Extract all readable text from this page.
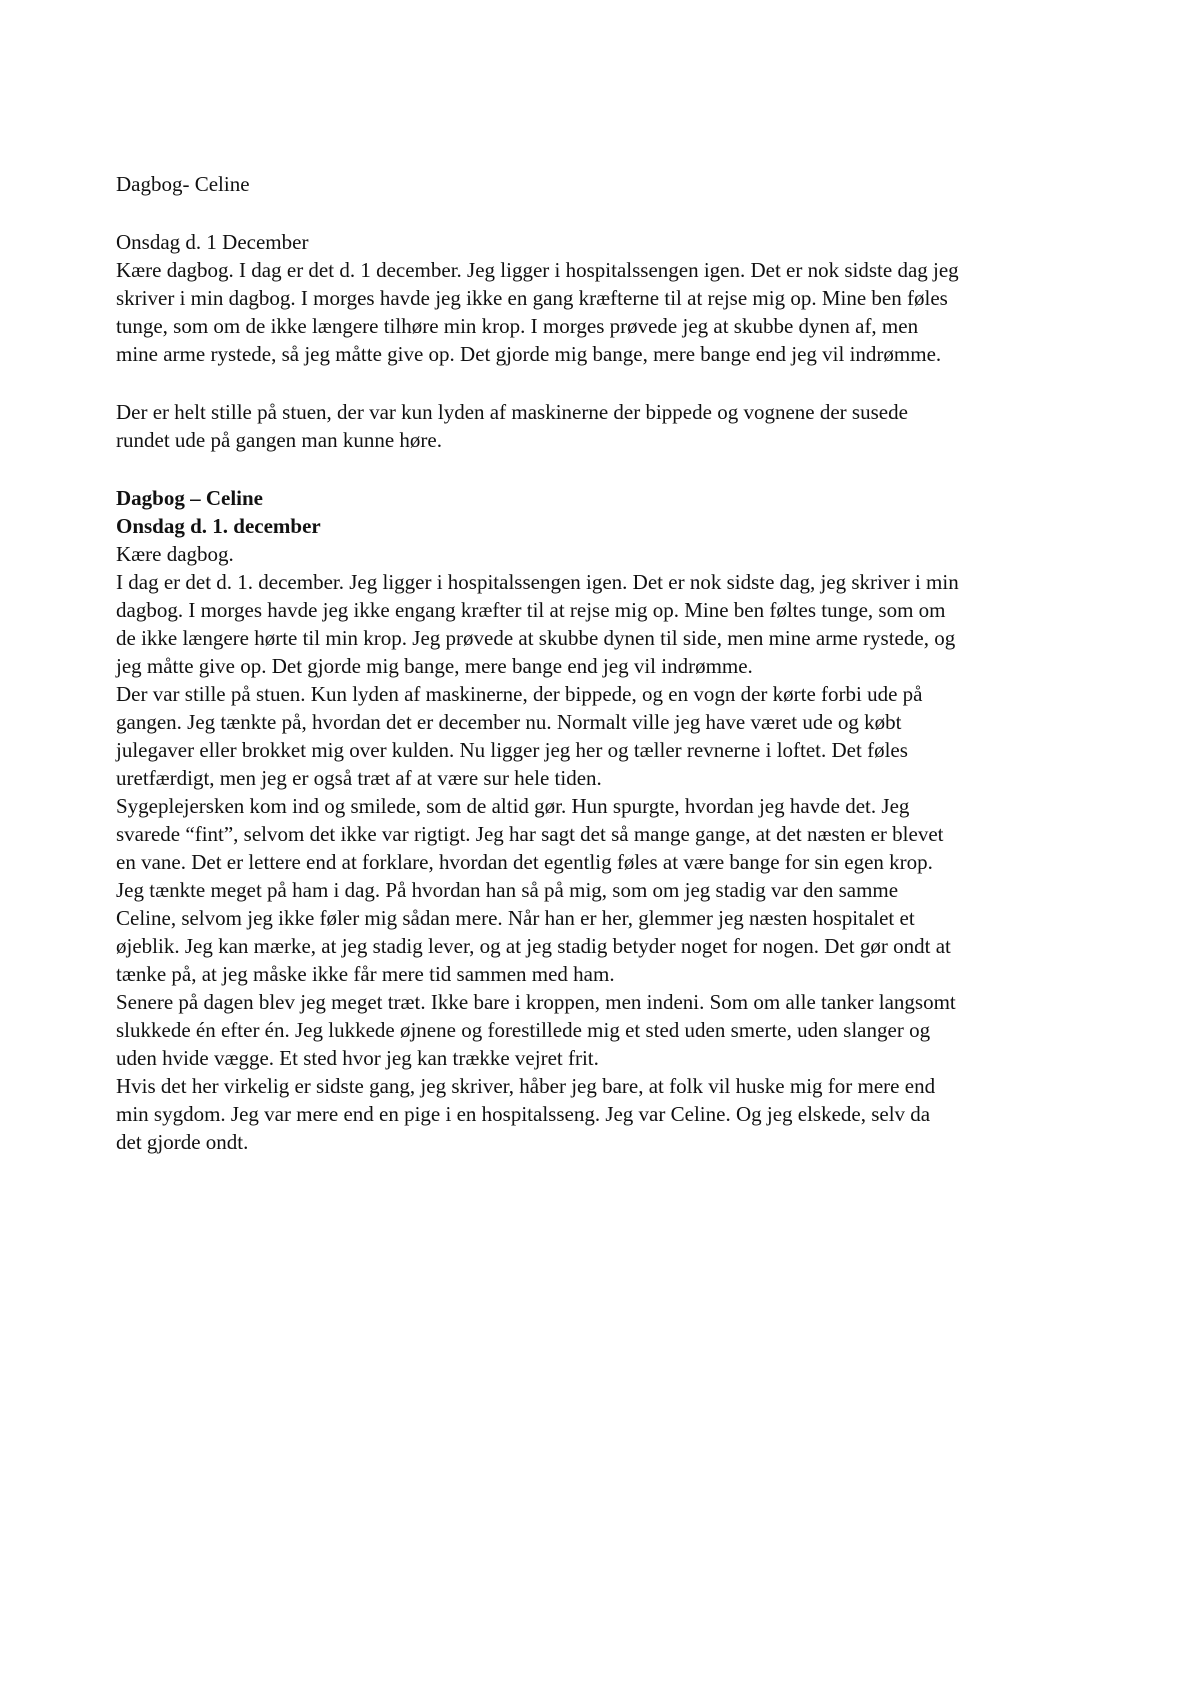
Dagbog- Celine
Onsdag d. 1 December
Kære dagbog. I dag er det d. 1 december. Jeg ligger i hospitalssengen igen. Det er nok sidste dag jeg
skriver i min dagbog. I morges havde jeg ikke en gang kræfterne til at rejse mig op. Mine ben føles
tunge, som om de ikke længere tilhøre min krop. I morges prøvede jeg at skubbe dynen af, men
mine arme rystede, så jeg måtte give op. Det gjorde mig bange, mere bange end jeg vil indrømme.
Der er helt stille på stuen, der var kun lyden af maskinerne der bippede og vognene der susede
rundet ude på gangen man kunne høre.
Dagbog – Celine
Onsdag d. 1. december
Kære dagbog.
I dag er det d. 1. december. Jeg ligger i hospitalssengen igen. Det er nok sidste dag, jeg skriver i min
dagbog. I morges havde jeg ikke engang kræfter til at rejse mig op. Mine ben føltes tunge, som om
de ikke længere hørte til min krop. Jeg prøvede at skubbe dynen til side, men mine arme rystede, og
jeg måtte give op. Det gjorde mig bange, mere bange end jeg vil indrømme.
Der var stille på stuen. Kun lyden af maskinerne, der bippede, og en vogn der kørte forbi ude på
gangen. Jeg tænkte på, hvordan det er december nu. Normalt ville jeg have været ude og købt
julegaver eller brokket mig over kulden. Nu ligger jeg her og tæller revnerne i loftet. Det føles
uretfærdigt, men jeg er også træt af at være sur hele tiden.
Sygeplejersken kom ind og smilede, som de altid gør. Hun spurgte, hvordan jeg havde det. Jeg
svarede “fint”, selvom det ikke var rigtigt. Jeg har sagt det så mange gange, at det næsten er blevet
en vane. Det er lettere end at forklare, hvordan det egentlig føles at være bange for sin egen krop.
Jeg tænkte meget på ham i dag. På hvordan han så på mig, som om jeg stadig var den samme
Celine, selvom jeg ikke føler mig sådan mere. Når han er her, glemmer jeg næsten hospitalet et
øjeblik. Jeg kan mærke, at jeg stadig lever, og at jeg stadig betyder noget for nogen. Det gør ondt at
tænke på, at jeg måske ikke får mere tid sammen med ham.
Senere på dagen blev jeg meget træt. Ikke bare i kroppen, men indeni. Som om alle tanker langsomt
slukkede én efter én. Jeg lukkede øjnene og forestillede mig et sted uden smerte, uden slanger og
uden hvide vægge. Et sted hvor jeg kan trække vejret frit.
Hvis det her virkelig er sidste gang, jeg skriver, håber jeg bare, at folk vil huske mig for mere end
min sygdom. Jeg var mere end en pige i en hospitalsseng. Jeg var Celine. Og jeg elskede, selv da
det gjorde ondt.
